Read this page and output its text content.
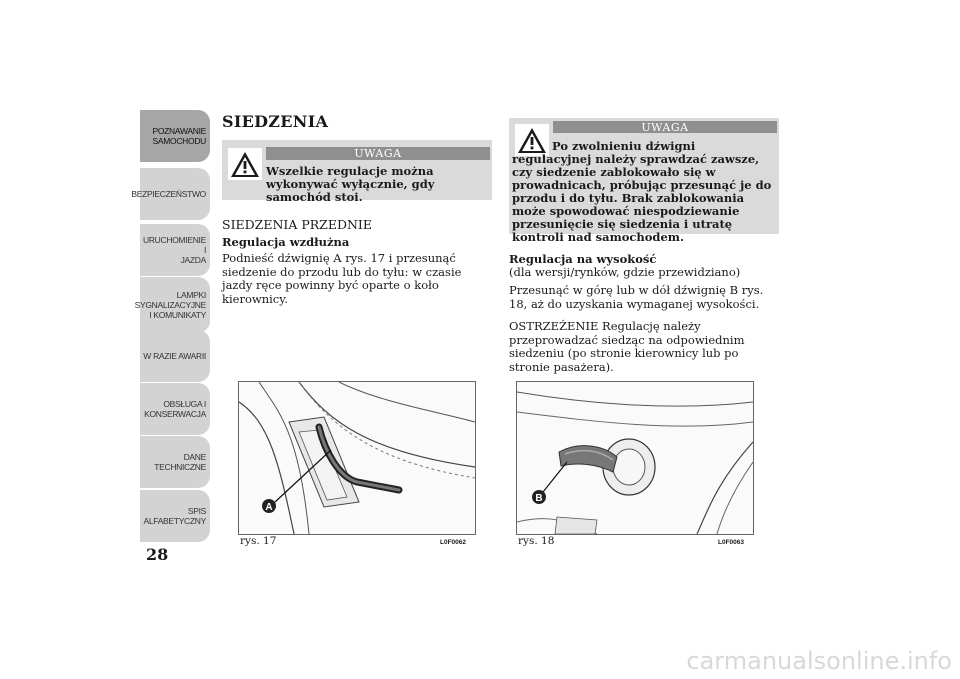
POZNAWANIE
SAMOCHODU
BEZPIECZEŃSTWO
URUCHOMIENIE I
JAZDA
LAMPKI
SYGNALIZACYJNE
I KOMUNIKATY
W RAZIE AWARII
OBSŁUGA I
KONSERWACJA
DANE
TECHNICZNE
SPIS
ALFABETYCZNY
28
SIEDZENIA
UWAGA
Wszelkie regulacje można wykonywać wyłącznie, gdy samochód stoi.
SIEDZENIA PRZEDNIE
Regulacja wzdłużna
Podnieść dźwignię A rys. 17 i przesunąć siedzenie do przodu lub do tyłu: w czasie jazdy ręce powinny być oparte o koło kierownicy.
UWAGA
Po zwolnieniu dźwigni regulacyjnej należy sprawdzać zawsze, czy siedzenie zablokowało się w prowadnicach, próbując przesunąć je do przodu i do tyłu. Brak zablokowania może spowodować niespodziewanie przesunięcie się siedzenia i utratę kontroli nad samochodem.
Regulacja na wysokość
(dla wersji/rynków, gdzie przewidziano)
Przesunąć w górę lub w dół dźwignię B rys. 18, aż do uzyskania wymaganej wysokości.
OSTRZEŻENIE Regulację należy przeprowadzać siedząc na odpowiednim siedzeniu (po stronie kierownicy lub po stronie pasażera).
A
rys. 17	L0F0062
B
rys. 18	L0F0063
carmanualsonline.info
